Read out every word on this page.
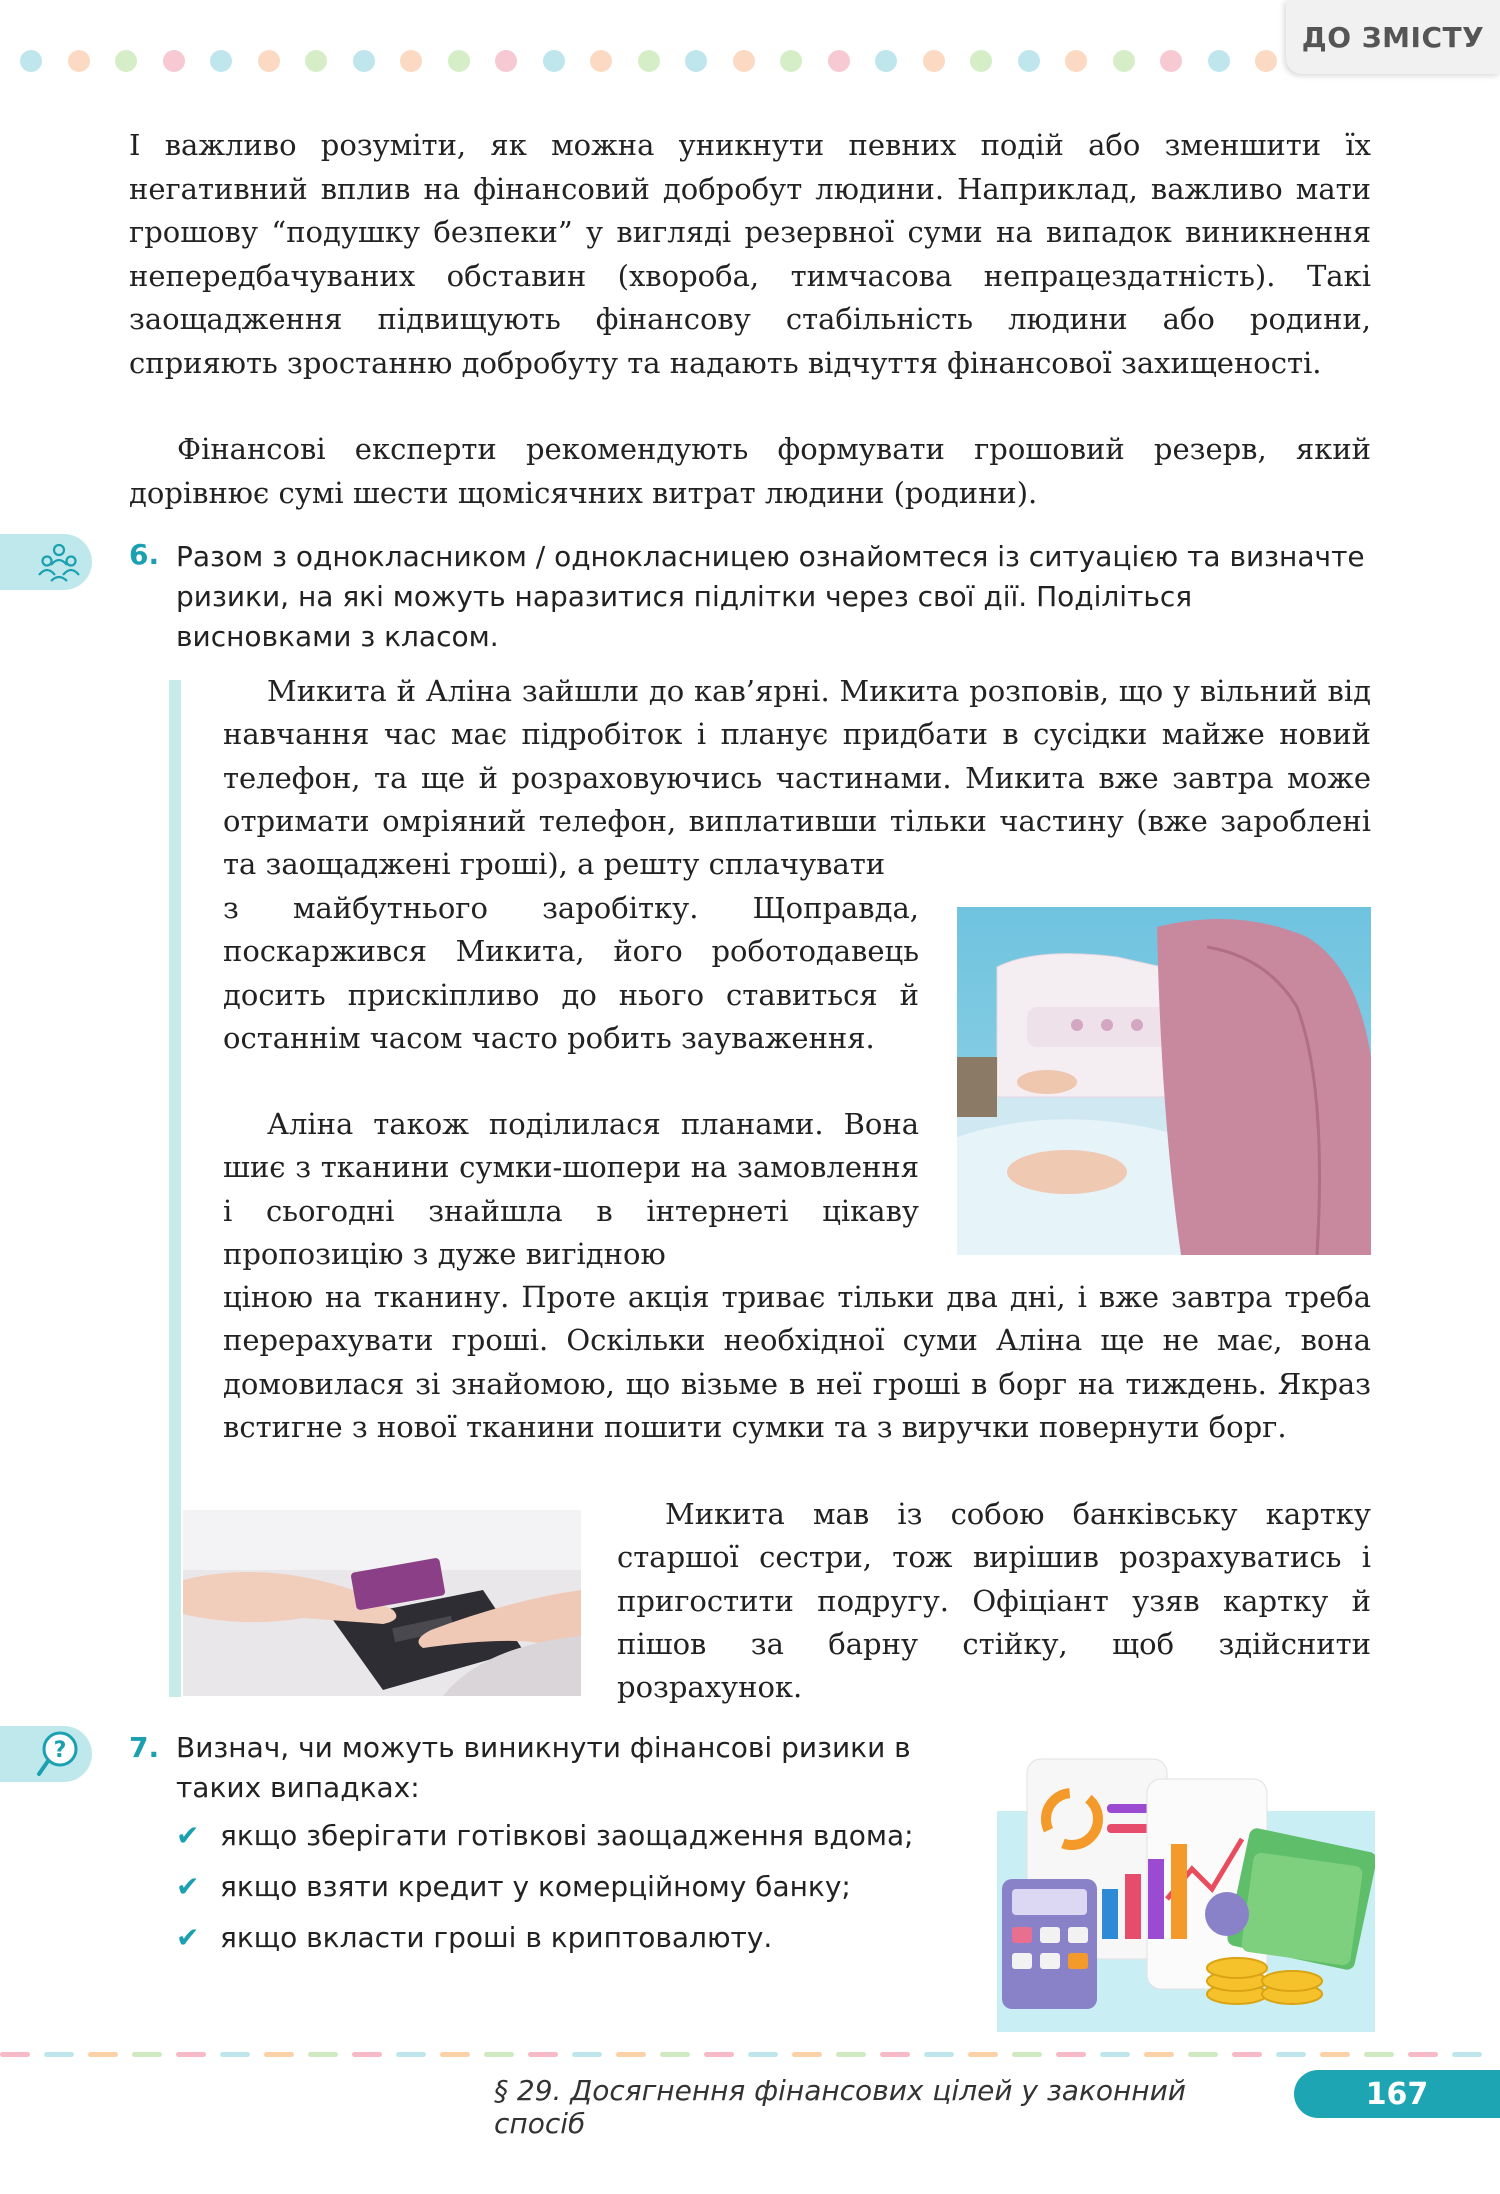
ДО ЗМІСТУ

І важливо розуміти, як можна уникнути певних подій або зменшити їх негативний вплив на фінансовий добробут людини. Наприклад, важливо мати грошову “подушку безпеки” у вигляді резервної суми на випадок виникнення непередбачуваних обставин (хвороба, тимчасова непрацездатність). Такі заощадження підвищують фінансову стабільність людини або родини, сприяють зростанню добробуту та надають відчуття фінансової захищеності.

Фінансові експерти рекомендують формувати грошовий резерв, який дорівнює сумі шести щомісячних витрат людини (родини).

6. Разом з однокласником / однокласницею ознайомтеся із ситуацією та визначте ризики, на які можуть наразитися підлітки через свої дії. Поділіться висновками з класом.

Микита й Аліна зайшли до кав’ярні. Микита розповів, що у вільний від навчання час має підробіток і планує придбати в сусідки майже новий телефон, та ще й розраховуючись частинами. Микита вже завтра може отримати омріяний телефон, виплативши тільки частину (вже зароблені та заощаджені гроші), а решту сплачувати

з майбутнього заробітку. Щоправда, поскаржився Микита, його роботодавець досить прискіпливо до нього ставиться й останнім часом часто робить зауваження.

Аліна також поділилася планами. Вона шиє з тканини сумки-шопери на замовлення і сьогодні знайшла в інтернеті цікаву пропозицію з дуже вигідною

ціною на тканину. Проте акція триває тільки два дні, і вже завтра треба перерахувати гроші. Оскільки необхідної суми Аліна ще не має, вона домовилася зі знайомою, що візьме в неї гроші в борг на тиждень. Якраз встигне з нової тканини пошити сумки та з виручки повернути борг.

Микита мав із собою банківську картку старшої сестри, тож вирішив розрахуватись і пригостити подругу. Офіціант узяв картку й пішов за барну стійку, щоб здійснити розрахунок.

? 7. Визнач, чи можуть виникнути фінансові ризики в таких випадках:
✔ якщо зберігати готівкові заощадження вдома;
✔ якщо взяти кредит у комерційному банку;
✔ якщо вкласти гроші в криптовалюту.
§ 29. Досягнення фінансових цілей у законний спосіб
167
